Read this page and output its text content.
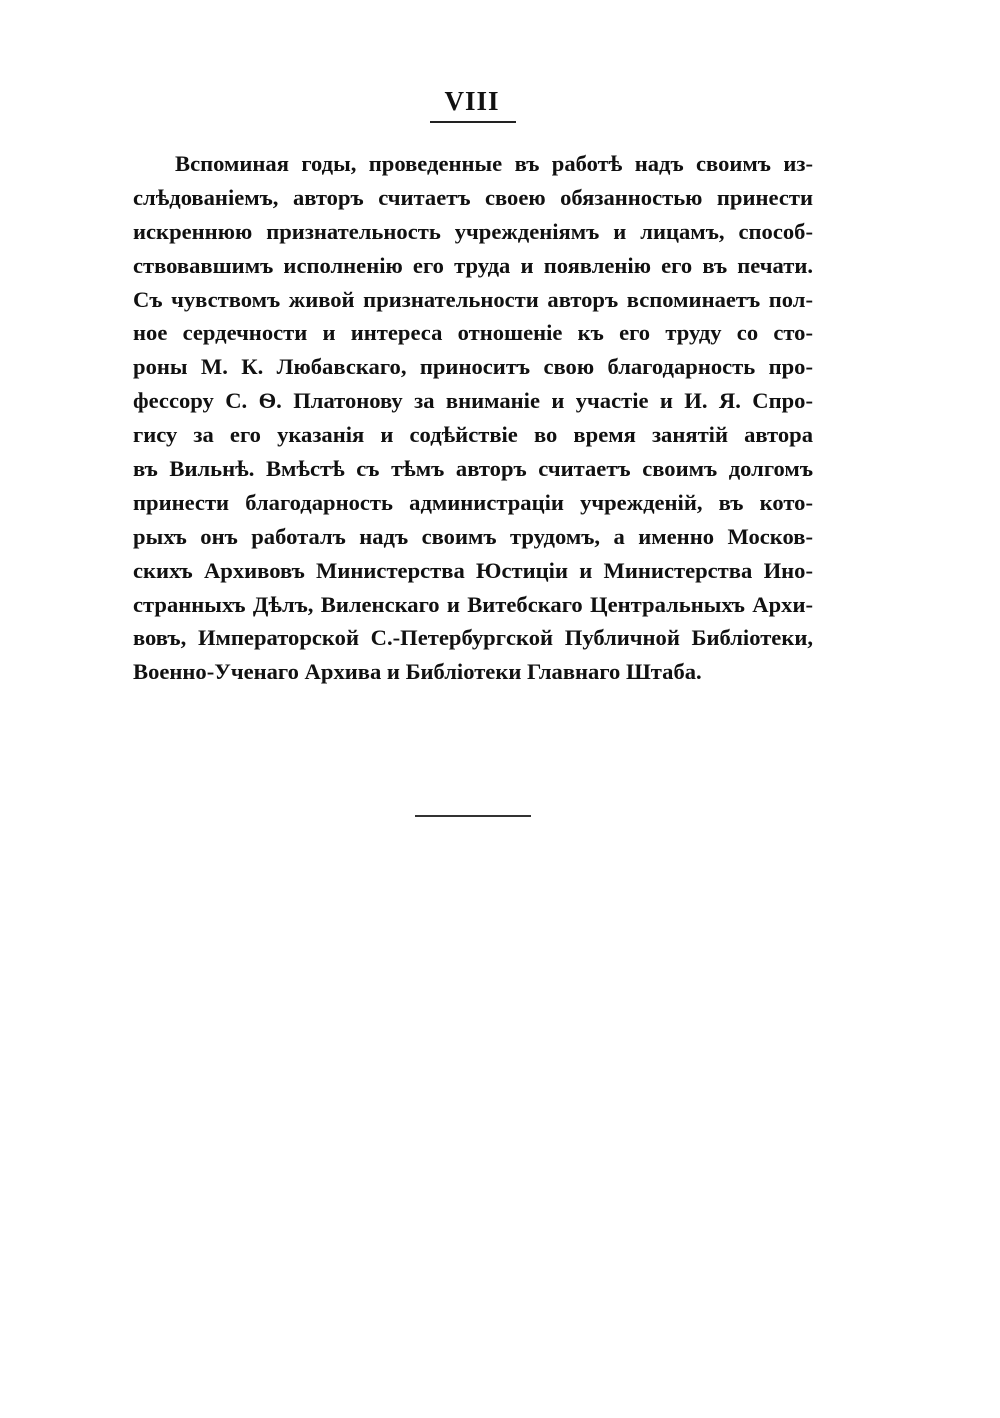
VIII

Вспоминая годы, проведенные въ работѣ надъ своимъ из-
слѣдованіемъ, авторъ считаетъ своею обязанностью принести
искреннюю признательность учрежденіямъ и лицамъ, способ-
ствовавшимъ исполненію его труда и появленію его въ печати.
Съ чувствомъ живой признательности авторъ вспоминаетъ пол-
ное сердечности и интереса отношеніе къ его труду со сто-
роны М. К. Любавскаго, приноситъ свою благодарность про-
фессору С. Ѳ. Платонову за вниманіе и участіе и И. Я. Спро-
гису за его указанія и содѣйствіе во время занятій автора
въ Вильнѣ. Вмѣстѣ съ тѣмъ авторъ считаетъ своимъ долгомъ
принести благодарность администраціи учрежденій, въ кото-
рыхъ онъ работалъ надъ своимъ трудомъ, а именно Москов-
скихъ Архивовъ Министерства Юстиціи и Министерства Ино-
странныхъ Дѣлъ, Виленскаго и Витебскаго Центральныхъ Архи-
вовъ, Императорской С.-Петербургской Публичной Библіотеки,
Военно-Ученаго Архива и Библіотеки Главнаго Штаба.
